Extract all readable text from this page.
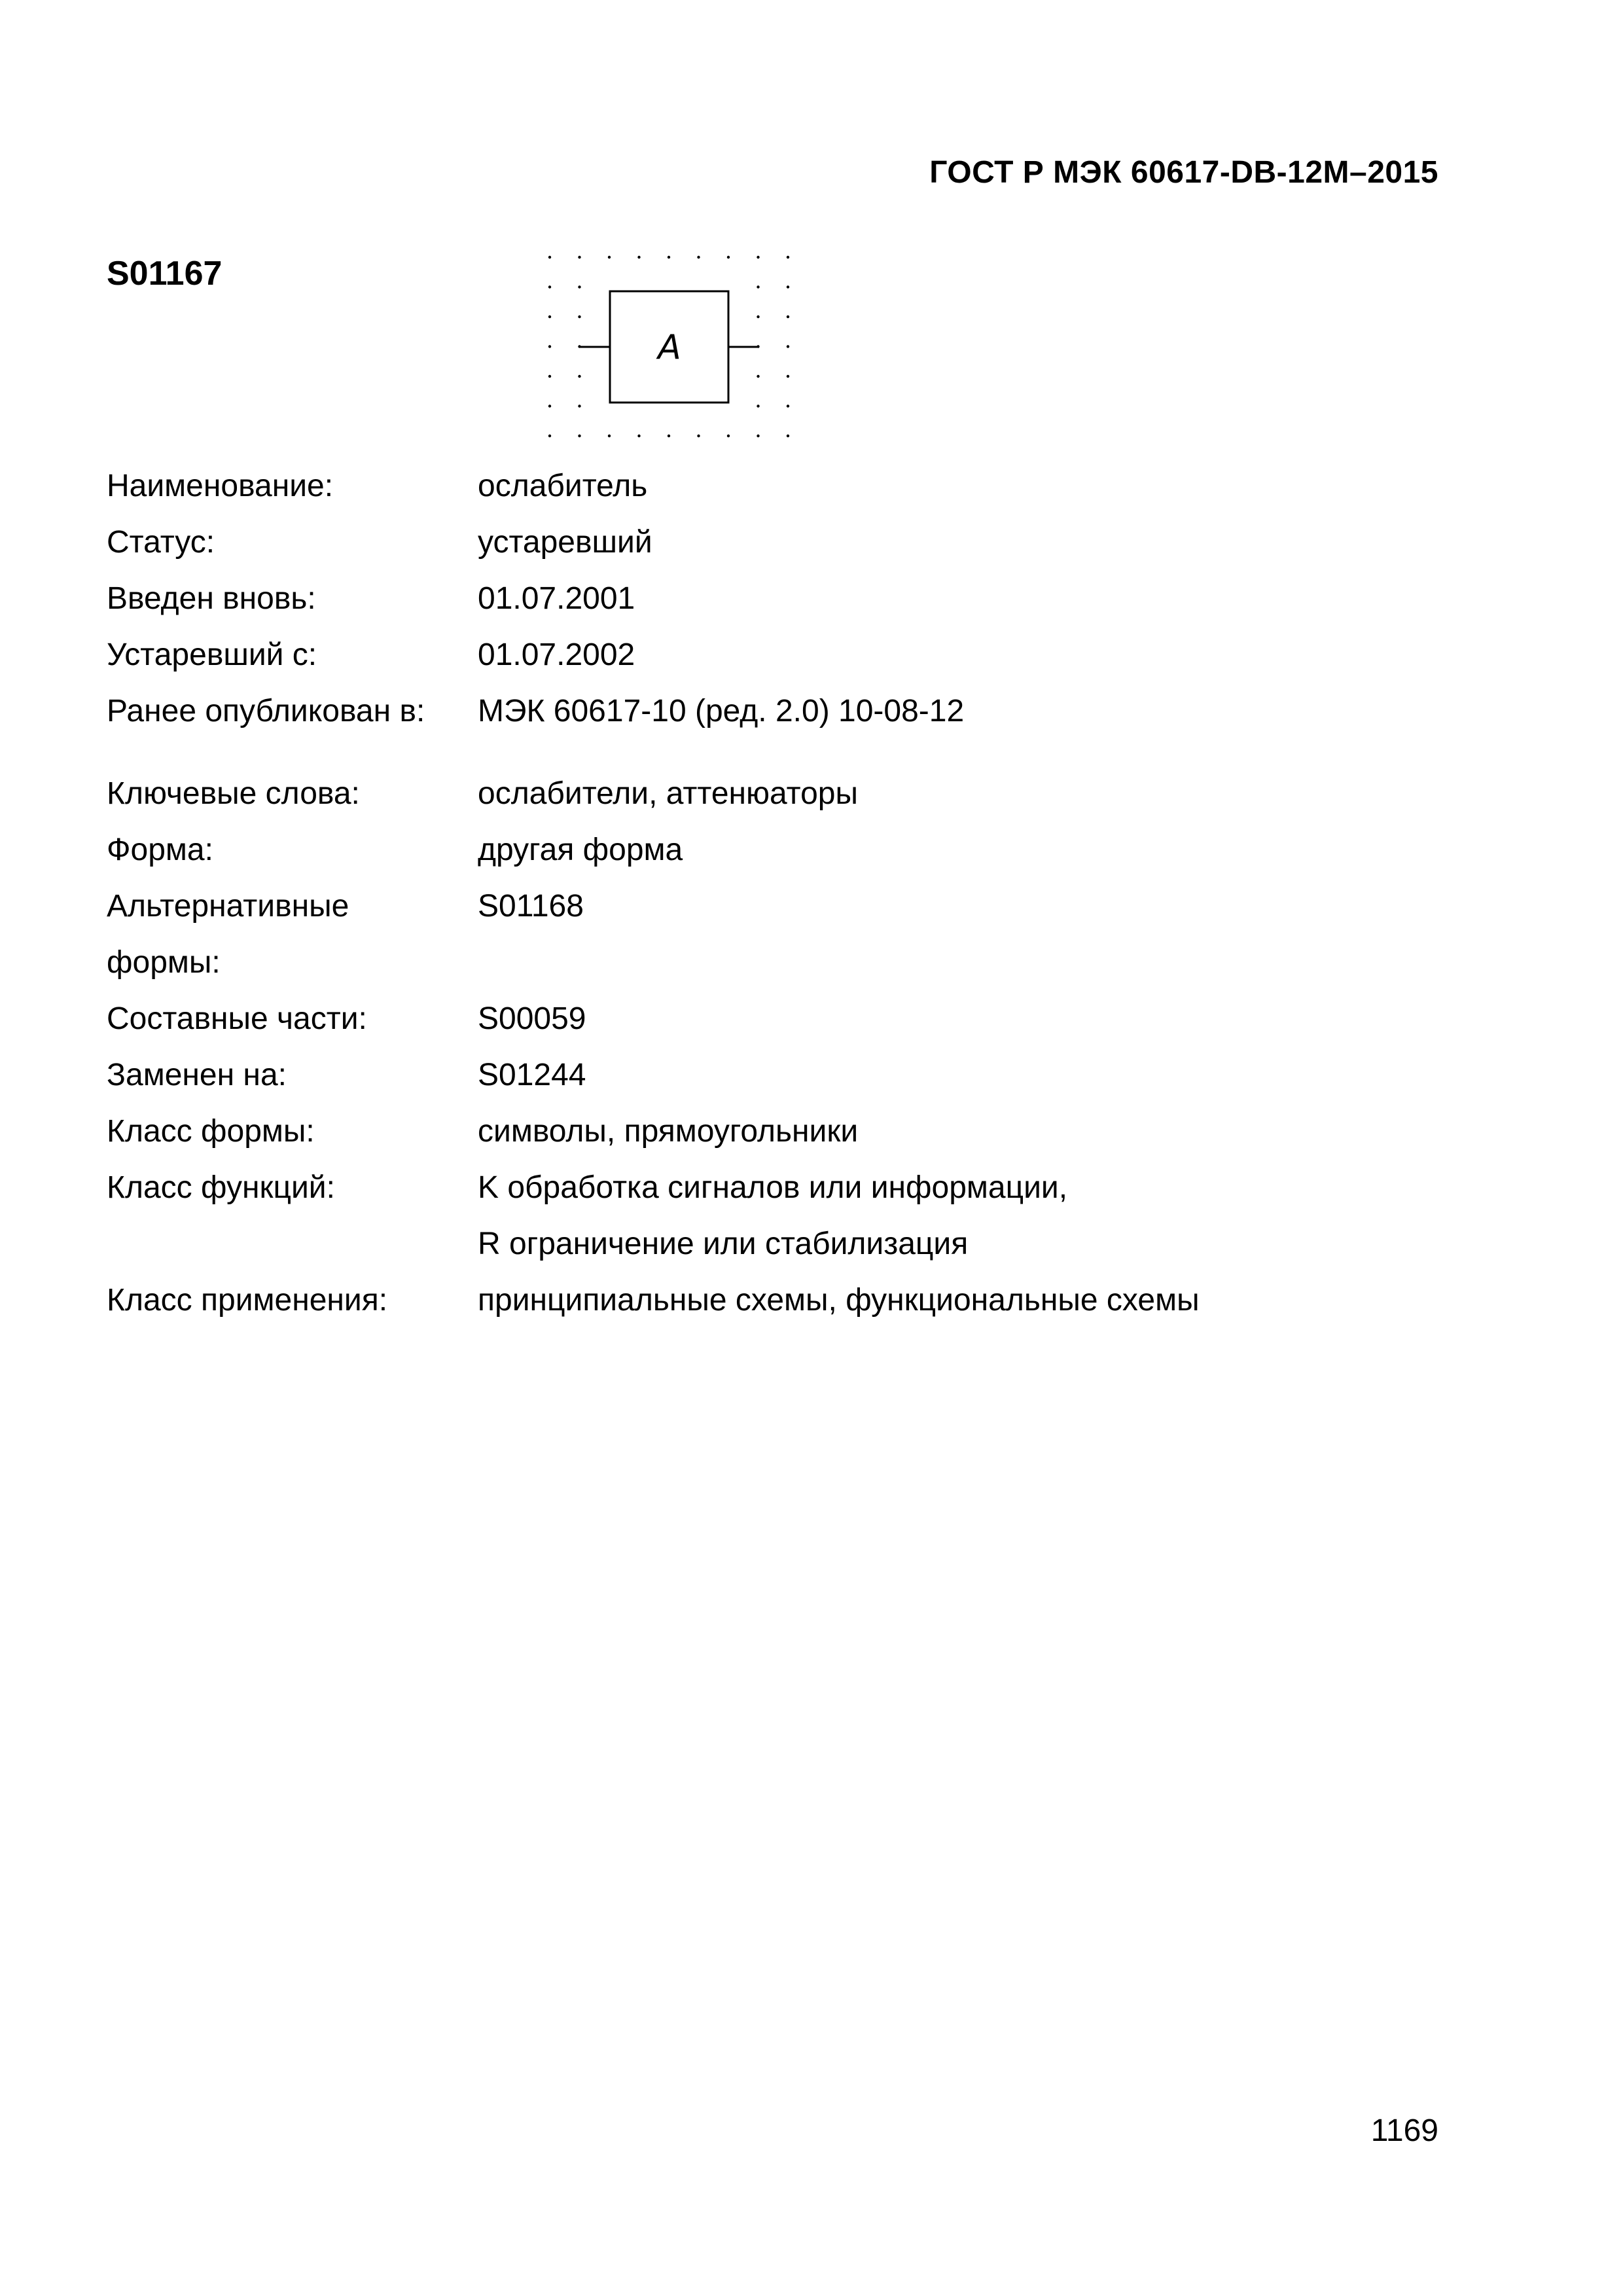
ГОСТ Р МЭК 60617-DB-12M–2015
S01167
A
Наименование:	ослабитель
Статус:	устаревший
Введен вновь:	01.07.2001
Устаревший с:	01.07.2002
Ранее опубликован в:	МЭК 60617-10 (ред. 2.0) 10-08-12
Ключевые слова:	ослабители, аттенюаторы
Форма:	другая форма
Альтернативные
формы:
S01168
Составные части:	S00059
Заменен на:	S01244
Класс формы:	символы, прямоугольники
Класс функций:	K обработка сигналов или информации,
R ограничение или стабилизация
Класс применения:	принципиальные схемы, функциональные схемы
1169
